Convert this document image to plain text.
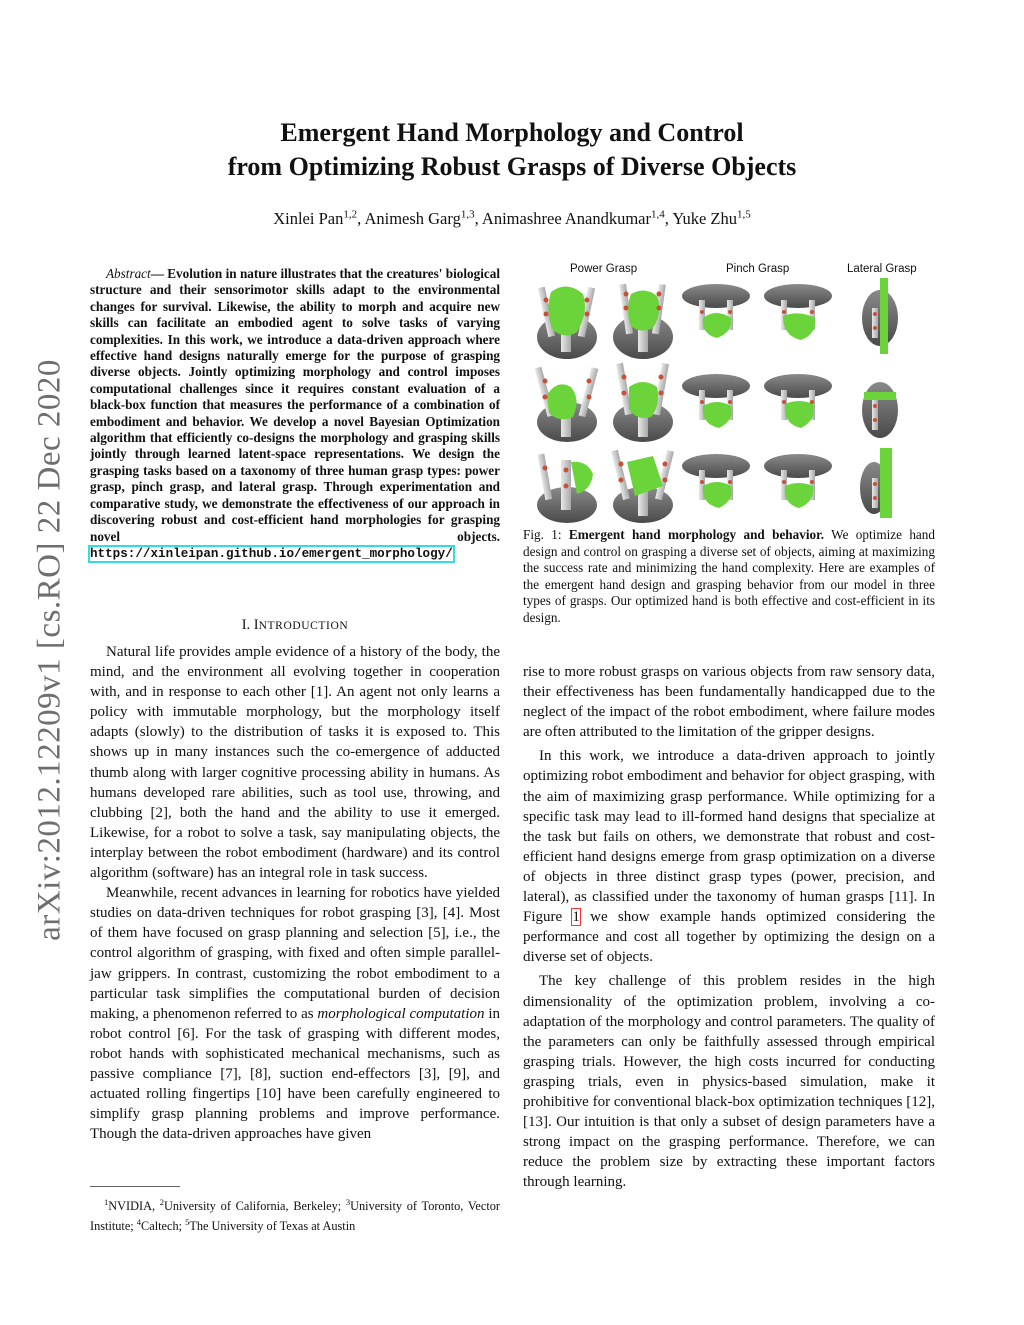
arXiv:2012.12209v1 [cs.RO] 22 Dec 2020
Emergent Hand Morphology and Control
from Optimizing Robust Grasps of Diverse Objects
Xinlei Pan$^{1,2}$, Animesh Garg$^{1,3}$, Animashree Anandkumar$^{1,4}$, Yuke Zhu$^{1,5}$
Abstract— Evolution in nature illustrates that the creatures' biological structure and their sensorimotor skills adapt to the environmental changes for survival. Likewise, the ability to morph and acquire new skills can facilitate an embodied agent to solve tasks of varying complexities. In this work, we introduce a data-driven approach where effective hand designs naturally emerge for the purpose of grasping diverse objects. Jointly optimizing morphology and control imposes computational challenges since it requires constant evaluation of a black-box function that measures the performance of a combination of embodiment and behavior. We develop a novel Bayesian Optimization algorithm that efficiently co-designs the morphology and grasping skills jointly through learned latent-space representations. We design the grasping tasks based on a taxonomy of three human grasp types: power grasp, pinch grasp, and lateral grasp. Through experimentation and comparative study, we demonstrate the effectiveness of our approach in discovering robust and cost-efficient hand morphologies for grasping novel objects. https://xinleipan.github.io/emergent_morphology/
I. INTRODUCTION

Natural life provides ample evidence of a history of the body, the mind, and the environment all evolving together in cooperation with, and in response to each other [1]. An agent not only learns a policy with immutable morphology, but the morphology itself adapts (slowly) to the distribution of tasks it is exposed to. This shows up in many instances such the co-emergence of adducted thumb along with larger cognitive processing ability in humans. As humans developed rare abilities, such as tool use, throwing, and clubbing [2], both the hand and the ability to use it emerged. Likewise, for a robot to solve a task, say manipulating objects, the interplay between the robot embodiment (hardware) and its control algorithm (software) has an integral role in task success.

Meanwhile, recent advances in learning for robotics have yielded studies on data-driven techniques for robot grasping [3], [4]. Most of them have focused on grasp planning and selection [5], i.e., the control algorithm of grasping, with fixed and often simple parallel-jaw grippers. In contrast, customizing the robot embodiment to a particular task simplifies the computational burden of decision making, a phenomenon referred to as morphological computation in robot control [6]. For the task of grasping with different modes, robot hands with sophisticated mechanical mechanisms, such as passive compliance [7], [8], suction end-effectors [3], [9], and actuated rolling fingertips [10] have been carefully engineered to simplify grasp planning problems and improve performance. Though the data-driven approaches have given

$^1$NVIDIA, $^2$University of California, Berkeley; $^3$University of Toronto, Vector Institute; $^4$Caltech; $^5$The University of Texas at Austin
Power Grasp	Pinch Grasp	Lateral Grasp
Fig. 1: Emergent hand morphology and behavior. We optimize hand design and control on grasping a diverse set of objects, aiming at maximizing the success rate and minimizing the hand complexity. Here are examples of the emergent hand design and grasping behavior from our model in three types of grasps. Our optimized hand is both effective and cost-efficient in its design.

rise to more robust grasps on various objects from raw sensory data, their effectiveness has been fundamentally handicapped due to the neglect of the impact of the robot embodiment, where failure modes are often attributed to the limitation of the gripper designs.

In this work, we introduce a data-driven approach to jointly optimizing robot embodiment and behavior for object grasping, with the aim of maximizing grasp performance. While optimizing for a specific task may lead to ill-formed hand designs that specialize at the task but fails on others, we demonstrate that robust and cost-efficient hand designs emerge from grasp optimization on a diverse of objects in three distinct grasp types (power, precision, and lateral), as classified under the taxonomy of human grasps [11]. In Figure 1 we show example hands optimized considering the performance and cost all together by optimizing the design on a diverse set of objects.

The key challenge of this problem resides in the high dimensionality of the optimization problem, involving a co-adaptation of the morphology and control parameters. The quality of the parameters can only be faithfully assessed through empirical grasping trials. However, the high costs incurred for conducting grasping trials, even in physics-based simulation, make it prohibitive for conventional black-box optimization techniques [12], [13]. Our intuition is that only a subset of design parameters have a strong impact on the grasping performance. Therefore, we can reduce the problem size by extracting these important factors through learning.
